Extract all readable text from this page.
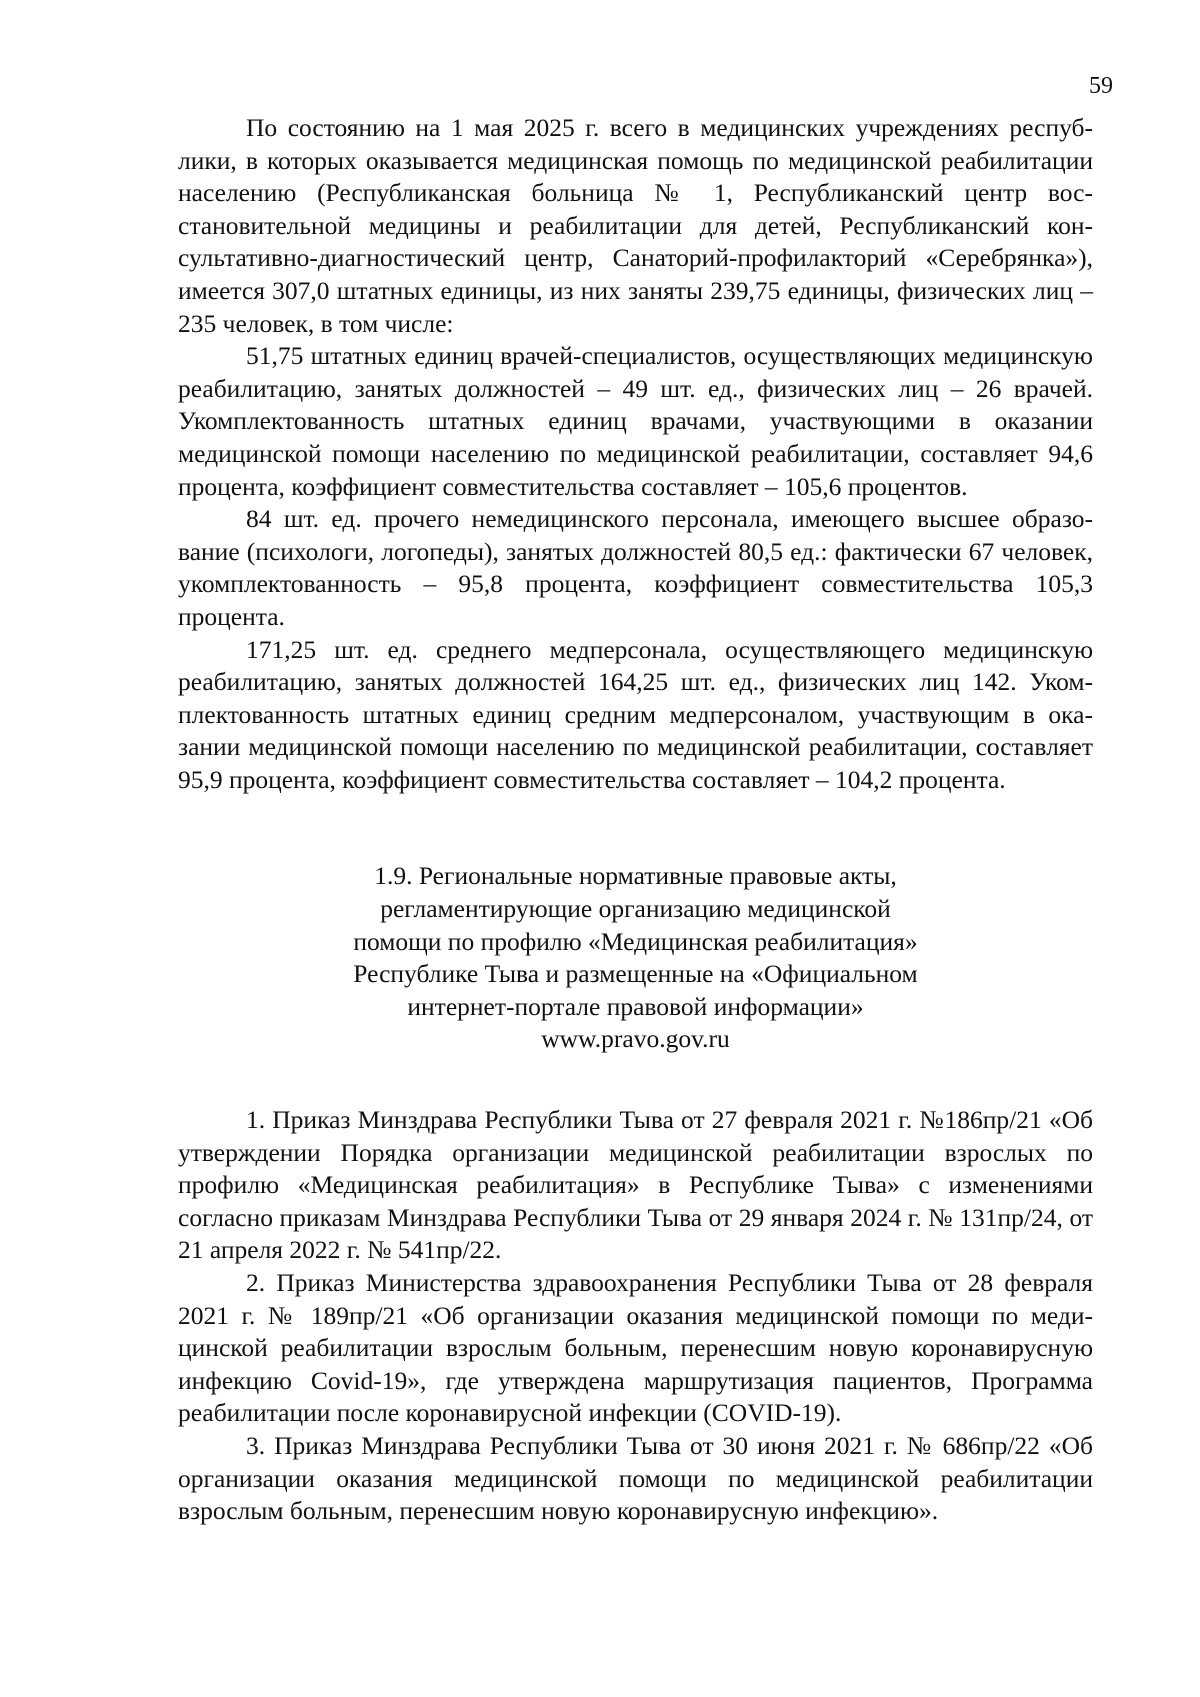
59

По состоянию на 1 мая 2025 г. всего в медицинских учреждениях республики, в которых оказывается медицинская помощь по медицинской реабилитации населению (Республиканская больница № 1, Республиканский центр восстановительной медицины и реабилитации для детей, Республиканский консультативно-диагностический центр, Санаторий-профилакторий «Серебрянка»), имеется 307,0 штатных единицы, из них заняты 239,75 единицы, физических лиц – 235 человек, в том числе:

51,75 штатных единиц врачей-специалистов, осуществляющих медицинскую реабилитацию, занятых должностей – 49 шт. ед., физических лиц – 26 врачей. Укомплектованность штатных единиц врачами, участвующими в оказании медицинской помощи населению по медицинской реабилитации, составляет 94,6 процента, коэффициент совместительства составляет – 105,6 процентов.

84 шт. ед. прочего немедицинского персонала, имеющего высшее образование (психологи, логопеды), занятых должностей 80,5 ед.: фактически 67 человек, укомплектованность – 95,8 процента, коэффициент совместительства 105,3 процента.

171,25 шт. ед. среднего медперсонала, осуществляющего медицинскую реабилитацию, занятых должностей 164,25 шт. ед., физических лиц 142. Укомплектованность штатных единиц средним медперсоналом, участвующим в оказании медицинской помощи населению по медицинской реабилитации, составляет 95,9 процента, коэффициент совместительства составляет – 104,2 процента.

1.9. Региональные нормативные правовые акты,
регламентирующие организацию медицинской
помощи по профилю «Медицинская реабилитация»
Республике Тыва и размещенные на «Официальном
интернет-портале правовой информации»
www.pravo.gov.ru

1. Приказ Минздрава Республики Тыва от 27 февраля 2021 г. №186пр/21 «Об утверждении Порядка организации медицинской реабилитации взрослых по профилю «Медицинская реабилитация» в Республике Тыва» с изменениями согласно приказам Минздрава Республики Тыва от 29 января 2024 г. № 131пр/24, от 21 апреля 2022 г. № 541пр/22.

2. Приказ Министерства здравоохранения Республики Тыва от 28 февраля 2021 г. № 189пр/21 «Об организации оказания медицинской помощи по медицинской реабилитации взрослым больным, перенесшим новую коронавирусную инфекцию Covid-19», где утверждена маршрутизация пациентов, Программа реабилитации после коронавирусной инфекции (COVID-19).

3. Приказ Минздрава Республики Тыва от 30 июня 2021 г. № 686пр/22 «Об организации оказания медицинской помощи по медицинской реабилитации взрослым больным, перенесшим новую коронавирусную инфекцию».
